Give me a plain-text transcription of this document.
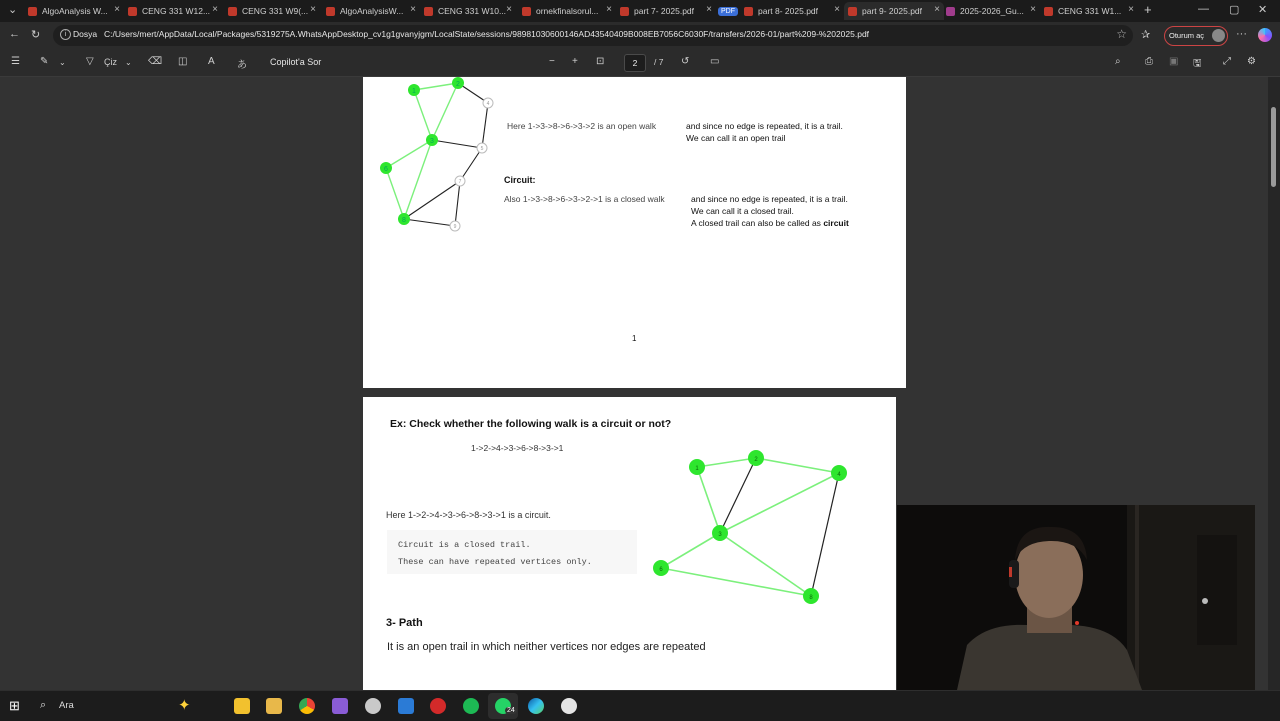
⌄	AlgoAnalysis W... ×	CENG 331 W12... ×	CENG 331 W9(... ×	AlgoAnalysisW... ×	CENG 331 W10... ×	ornekfinalsorul... ×	part 7- 2025.pdf ×	PDF	part 8- 2025.pdf ×	part 9- 2025.pdf × 2025-2026_Gu... ×	CENG 331 W1... × +	— ▢ ✕
← ↻	i Dosya C:/Users/mert/AppData/Local/Packages/5319275A.WhatsAppDesktop_cv1g1gvanyjgm/LocalState/sessions/98981030600146AD43540409B008EB7056C6030F/transfers/2026-01/part%209-%202025.pdf	☆ ✰	Oturum aç	···
☰ ✎ ⌄ ▽ Çiz ⌄ ⌫ ◫ A あ	Copilot'a Sor	− + ⊡	2	/ 7 ↺ ▭	⌕ ⎙ ▣ 🖫 ⤢ ⚙
1
2
4
3
5
6
7
8
9
Here 1->3->8->6->3->2 is an open walk	and since no edge is repeated, it is a trail.
We can call it an open trail
Circuit:
Also 1->3->8->6->3->2->1 is a closed walk	and since no edge is repeated, it is a trail.
We can call it a closed trail.
A closed trail can also be called as circuit
1
Ex: Check whether the following walk is a circuit or not?
1->2->4->3->6->8->3->1
Here 1->2->4->3->6->8->3->1 is a circuit.
Circuit is a closed trail.
These can have repeated vertices only.
3- Path
It is an open trail in which neither vertices nor edges are repeated
1
2
4
3
6
8
⊞	⌕ Ara	✦	24
